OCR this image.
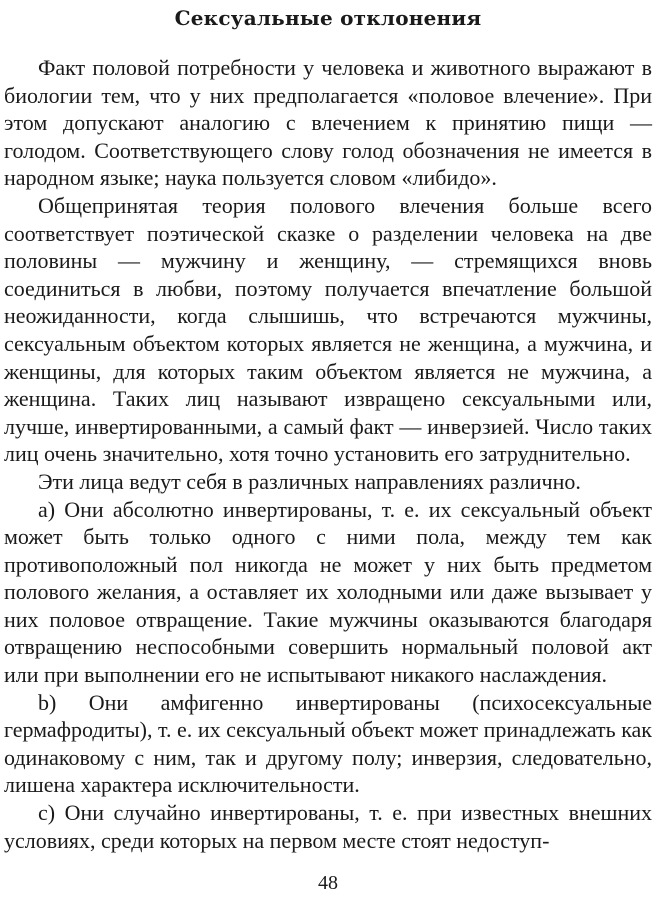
Сексуальные отклонения

Факт половой потребности у человека и животного выражают в биологии тем, что у них предполагается «половое влечение». При этом допускают аналогию с влечением к принятию пищи — голодом. Соответствующего слову голод обозначения не имеется в народном языке; наука пользуется словом «либидо».

Общепринятая теория полового влечения больше всего соответствует поэтической сказке о разделении человека на две половины — мужчину и женщину, — стремящихся вновь соединиться в любви, поэтому получается впечатление большой неожиданности, когда слышишь, что встречаются мужчины, сексуальным объектом которых является не женщина, а мужчина, и женщины, для которых таким объектом является не мужчина, а женщина. Таких лиц называют извращено сексуальными или, лучше, инвертированными, а самый факт — инверзией. Число таких лиц очень значительно, хотя точно установить его затруднительно.

Эти лица ведут себя в различных направлениях различно.

a) Они абсолютно инвертированы, т. е. их сексуальный объект может быть только одного с ними пола, между тем как противоположный пол никогда не может у них быть предметом полового желания, а оставляет их холодными или даже вызывает у них половое отвращение. Такие мужчины оказываются благодаря отвращению неспособными совершить нормальный половой акт или при выполнении его не испытывают никакого наслаждения.

b) Они амфигенно инвертированы (психосексуальные гермафродиты), т. е. их сексуальный объект может принадлежать как одинаковому с ним, так и другому полу; инверзия, следовательно, лишена характера исключительности.

c) Они случайно инвертированы, т. е. при известных внешних условиях, среди которых на первом месте стоят недоступ-

48
